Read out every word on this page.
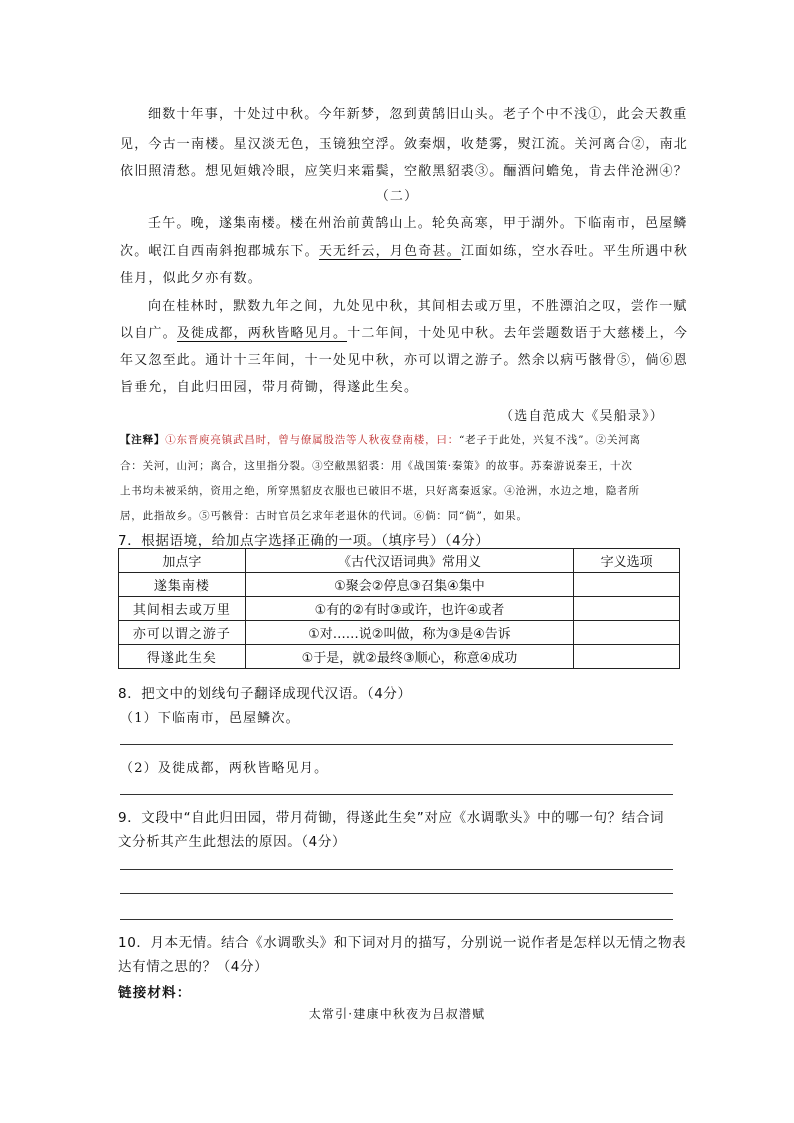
细数十年事，十处过中秋。今年新梦，忽到黄鹄旧山头。老子个中不浅①，此会天教重
见，今古一南楼。星汉淡无色，玉镜独空浮。敛秦烟，收楚雾，熨江流。关河离合②，南北
依旧照清愁。想见姮娥冷眼，应笑归来霜鬓，空敝黑貂裘③。酾酒问蟾兔，肯去伴沧洲④？
（二）
壬午。晚，遂集南楼。楼在州治前黄鹄山上。轮奂高寒，甲于湖外。下临南市，邑屋鳞
次。岷江自西南斜抱郡城东下。天无纤云，月色奇甚。江面如练，空水吞吐。平生所遇中秋
佳月，似此夕亦有数。
向在桂林时，默数九年之间，九处见中秋，其间相去或万里，不胜漂泊之叹，尝作一赋
以自广。及徙成都，两秋皆略见月。十二年间，十处见中秋。去年尝题数语于大慈楼上，今
年又忽至此。通计十三年间，十一处见中秋，亦可以谓之游子。然余以病丐骸骨⑤，倘⑥恩
旨垂允，自此归田园，带月荷锄，得遂此生矣。
（选自范成大《吴船录》）
【注释】①东晋庾亮镇武昌时，曾与僚属殷浩等人秋夜登南楼，曰：“老子于此处，兴复不浅”。②关河离
合：关河，山河；离合，这里指分裂。③空敝黑貂裘：用《战国策·秦策》的故事。苏秦游说秦王，十次
上书均未被采纳，资用之绝，所穿黑貂皮衣服也已破旧不堪，只好离秦返家。④沧洲，水边之地，隐者所
居，此指故乡。⑤丐骸骨：古时官员乞求年老退休的代词。⑥倘：同“倘”，如果。
7．根据语境，给加点字选择正确的一项。（填序号）（4分）
加点字	《古代汉语词典》常用义	字义选项
遂集南楼	①聚会②停息③召集④集中	
其间相去或万里	①有的②有时③或许，也许④或者	
亦可以谓之游子	①对……说②叫做，称为③是④告诉	
得遂此生矣	①于是，就②最终③顺心，称意④成功	
8．把文中的划线句子翻译成现代汉语。（4分）
（1）下临南市，邑屋鳞次。
（2）及徙成都，两秋皆略见月。
9．文段中“自此归田园，带月荷锄，得遂此生矣”对应《水调歌头》中的哪一句？结合词
文分析其产生此想法的原因。（4分）
10．月本无情。结合《水调歌头》和下词对月的描写，分别说一说作者是怎样以无情之物表
达有情之思的？（4分）
链接材料：
太常引·建康中秋夜为吕叔潜赋
